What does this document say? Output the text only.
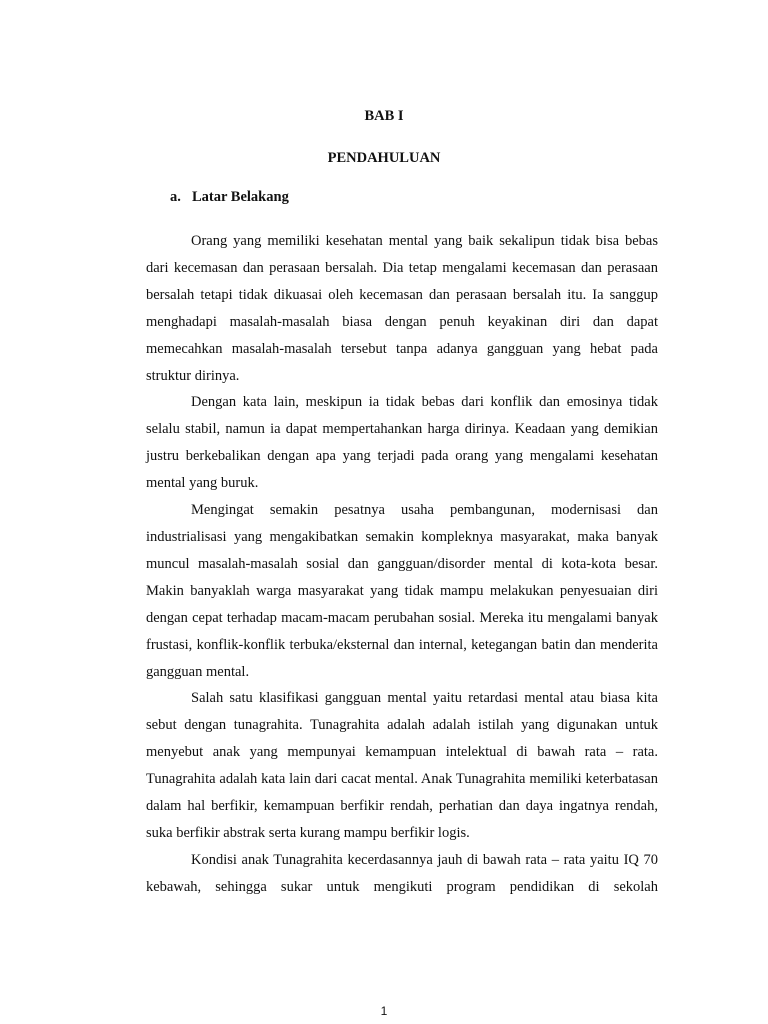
BAB I
PENDAHULUAN
a. Latar Belakang

Orang yang memiliki kesehatan mental yang baik sekalipun tidak bisa bebas dari kecemasan dan perasaan bersalah. Dia tetap mengalami kecemasan dan perasaan bersalah tetapi tidak dikuasai oleh kecemasan dan perasaan bersalah itu. Ia sanggup menghadapi masalah-masalah biasa dengan penuh keyakinan diri dan dapat memecahkan masalah-masalah tersebut tanpa adanya gangguan yang hebat pada struktur dirinya.

Dengan kata lain, meskipun ia tidak bebas dari konflik dan emosinya tidak selalu stabil, namun ia dapat mempertahankan harga dirinya. Keadaan yang demikian justru berkebalikan dengan apa yang terjadi pada orang yang mengalami kesehatan mental yang buruk.

Mengingat semakin pesatnya usaha pembangunan, modernisasi dan industrialisasi yang mengakibatkan semakin kompleknya masyarakat, maka banyak muncul masalah-masalah sosial dan gangguan/disorder mental di kota-kota besar. Makin banyaklah warga masyarakat yang tidak mampu melakukan penyesuaian diri dengan cepat terhadap macam-macam perubahan sosial. Mereka itu mengalami banyak frustasi, konflik-konflik terbuka/eksternal dan internal, ketegangan batin dan menderita gangguan mental.

Salah satu klasifikasi gangguan mental yaitu retardasi mental atau biasa kita sebut dengan tunagrahita. Tunagrahita adalah adalah istilah yang digunakan untuk menyebut anak yang mempunyai kemampuan intelektual di bawah rata – rata. Tunagrahita adalah kata lain dari cacat mental. Anak Tunagrahita memiliki keterbatasan dalam hal berfikir, kemampuan berfikir rendah, perhatian dan daya ingatnya rendah, suka berfikir abstrak serta kurang mampu berfikir logis.

Kondisi anak Tunagrahita kecerdasannya jauh di bawah rata – rata yaitu IQ 70 kebawah, sehingga sukar untuk mengikuti program pendidikan di sekolah

1
